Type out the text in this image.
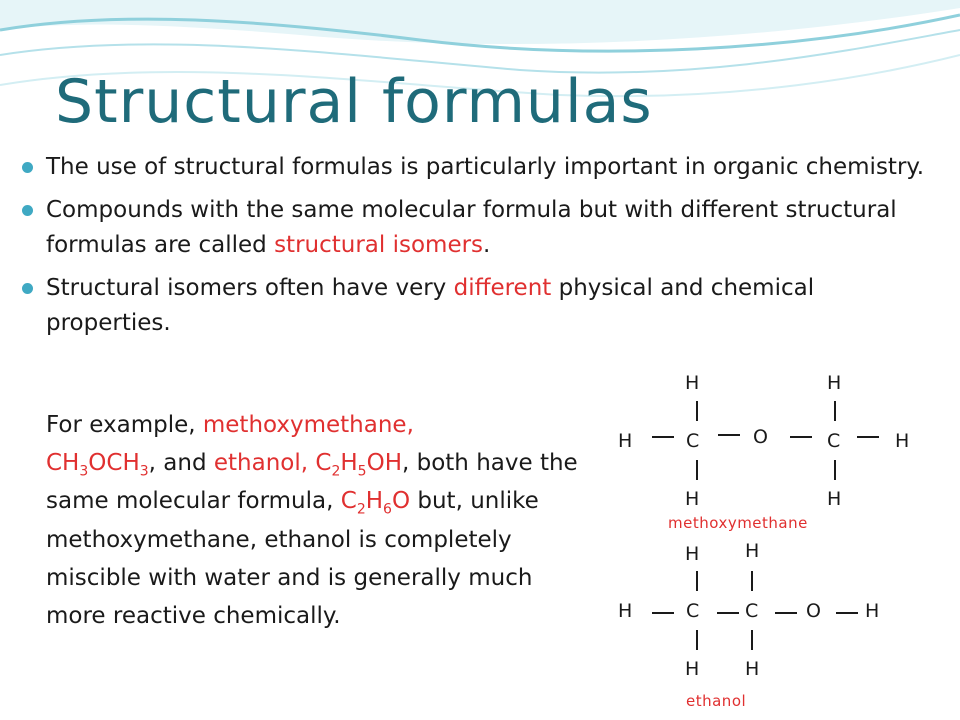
Structural formulas
The use of structural formulas is particularly important in organic chemistry.
Compounds with the same molecular formula but with different structural formulas are called structural isomers.
Structural isomers often have very different physical and chemical properties.
For example, methoxymethane,
$CH_3OCH_3$, and ethanol, $C_2H_5OH$, both have the same molecular formula, $C_2H_6O$ but, unlike methoxymethane, ethanol is completely miscible with water and is generally much more reactive chemically.
H	H
H	C	O	C	H
H	H
methoxymethane
H H
H	C C	O H
H H
ethanol
